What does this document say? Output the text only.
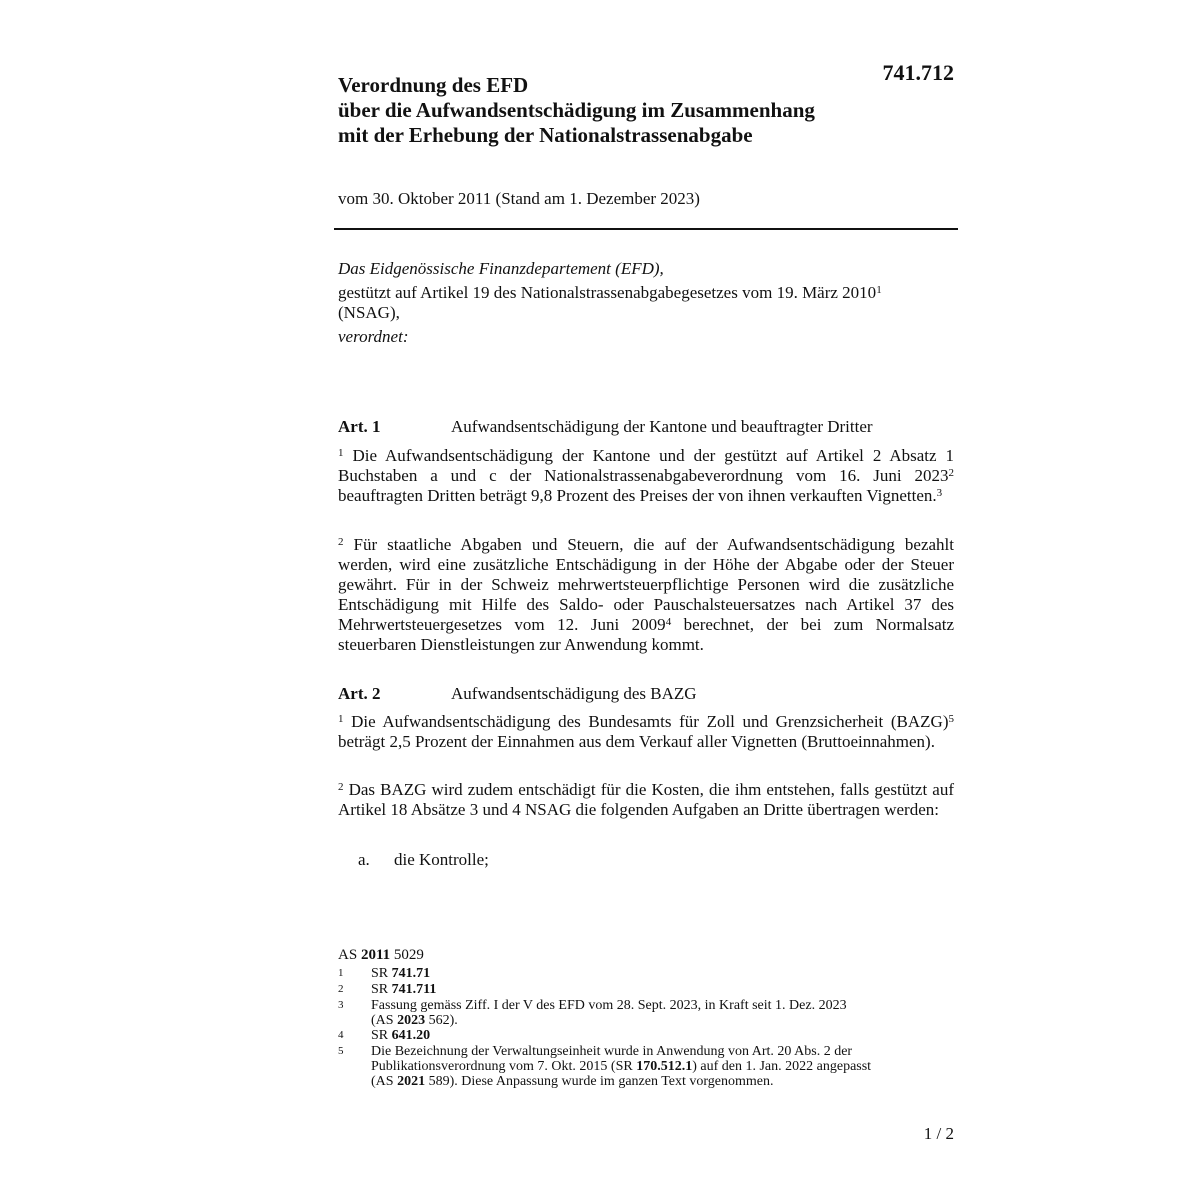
741.712
Verordnung des EFD
über die Aufwandsentschädigung im Zusammenhang
mit der Erhebung der Nationalstrassenabgabe
vom 30. Oktober 2011 (Stand am 1. Dezember 2023)
Das Eidgenössische Finanzdepartement (EFD),
gestützt auf Artikel 19 des Nationalstrassenabgabegesetzes vom 19. März 2010$^1$
(NSAG),
verordnet:
Art. 1	Aufwandsentschädigung der Kantone und beauftragter Dritter
$^1$ Die Aufwandsentschädigung der Kantone und der gestützt auf Artikel 2 Absatz 1 Buchstaben a und c der Nationalstrassenabgabeverordnung vom 16. Juni 2023$^2$ beauftragten Dritten beträgt 9,8 Prozent des Preises der von ihnen verkauften Vignetten.$^3$
$^2$ Für staatliche Abgaben und Steuern, die auf der Aufwandsentschädigung bezahlt werden, wird eine zusätzliche Entschädigung in der Höhe der Abgabe oder der Steuer gewährt. Für in der Schweiz mehrwertsteuerpflichtige Personen wird die zusätzliche Entschädigung mit Hilfe des Saldo- oder Pauschalsteuersatzes nach Artikel 37 des Mehrwertsteuergesetzes vom 12. Juni 2009$^4$ berechnet, der bei zum Normalsatz steuerbaren Dienstleistungen zur Anwendung kommt.
Art. 2	Aufwandsentschädigung des BAZG
$^1$ Die Aufwandsentschädigung des Bundesamts für Zoll und Grenzsicherheit (BAZG)$^5$ beträgt 2,5 Prozent der Einnahmen aus dem Verkauf aller Vignetten (Bruttoeinnahmen).
$^2$ Das BAZG wird zudem entschädigt für die Kosten, die ihm entstehen, falls gestützt auf Artikel 18 Absätze 3 und 4 NSAG die folgenden Aufgaben an Dritte übertragen werden:
a. die Kontrolle;
AS 2011 5029
1	SR 741.71
2	SR 741.711
3	Fassung gemäss Ziff. I der V des EFD vom 28. Sept. 2023, in Kraft seit 1. Dez. 2023
(AS 2023 562).
4	SR 641.20
5	Die Bezeichnung der Verwaltungseinheit wurde in Anwendung von Art. 20 Abs. 2 der
Publikationsverordnung vom 7. Okt. 2015 (SR 170.512.1) auf den 1. Jan. 2022 angepasst
(AS 2021 589). Diese Anpassung wurde im ganzen Text vorgenommen.
1 / 2
